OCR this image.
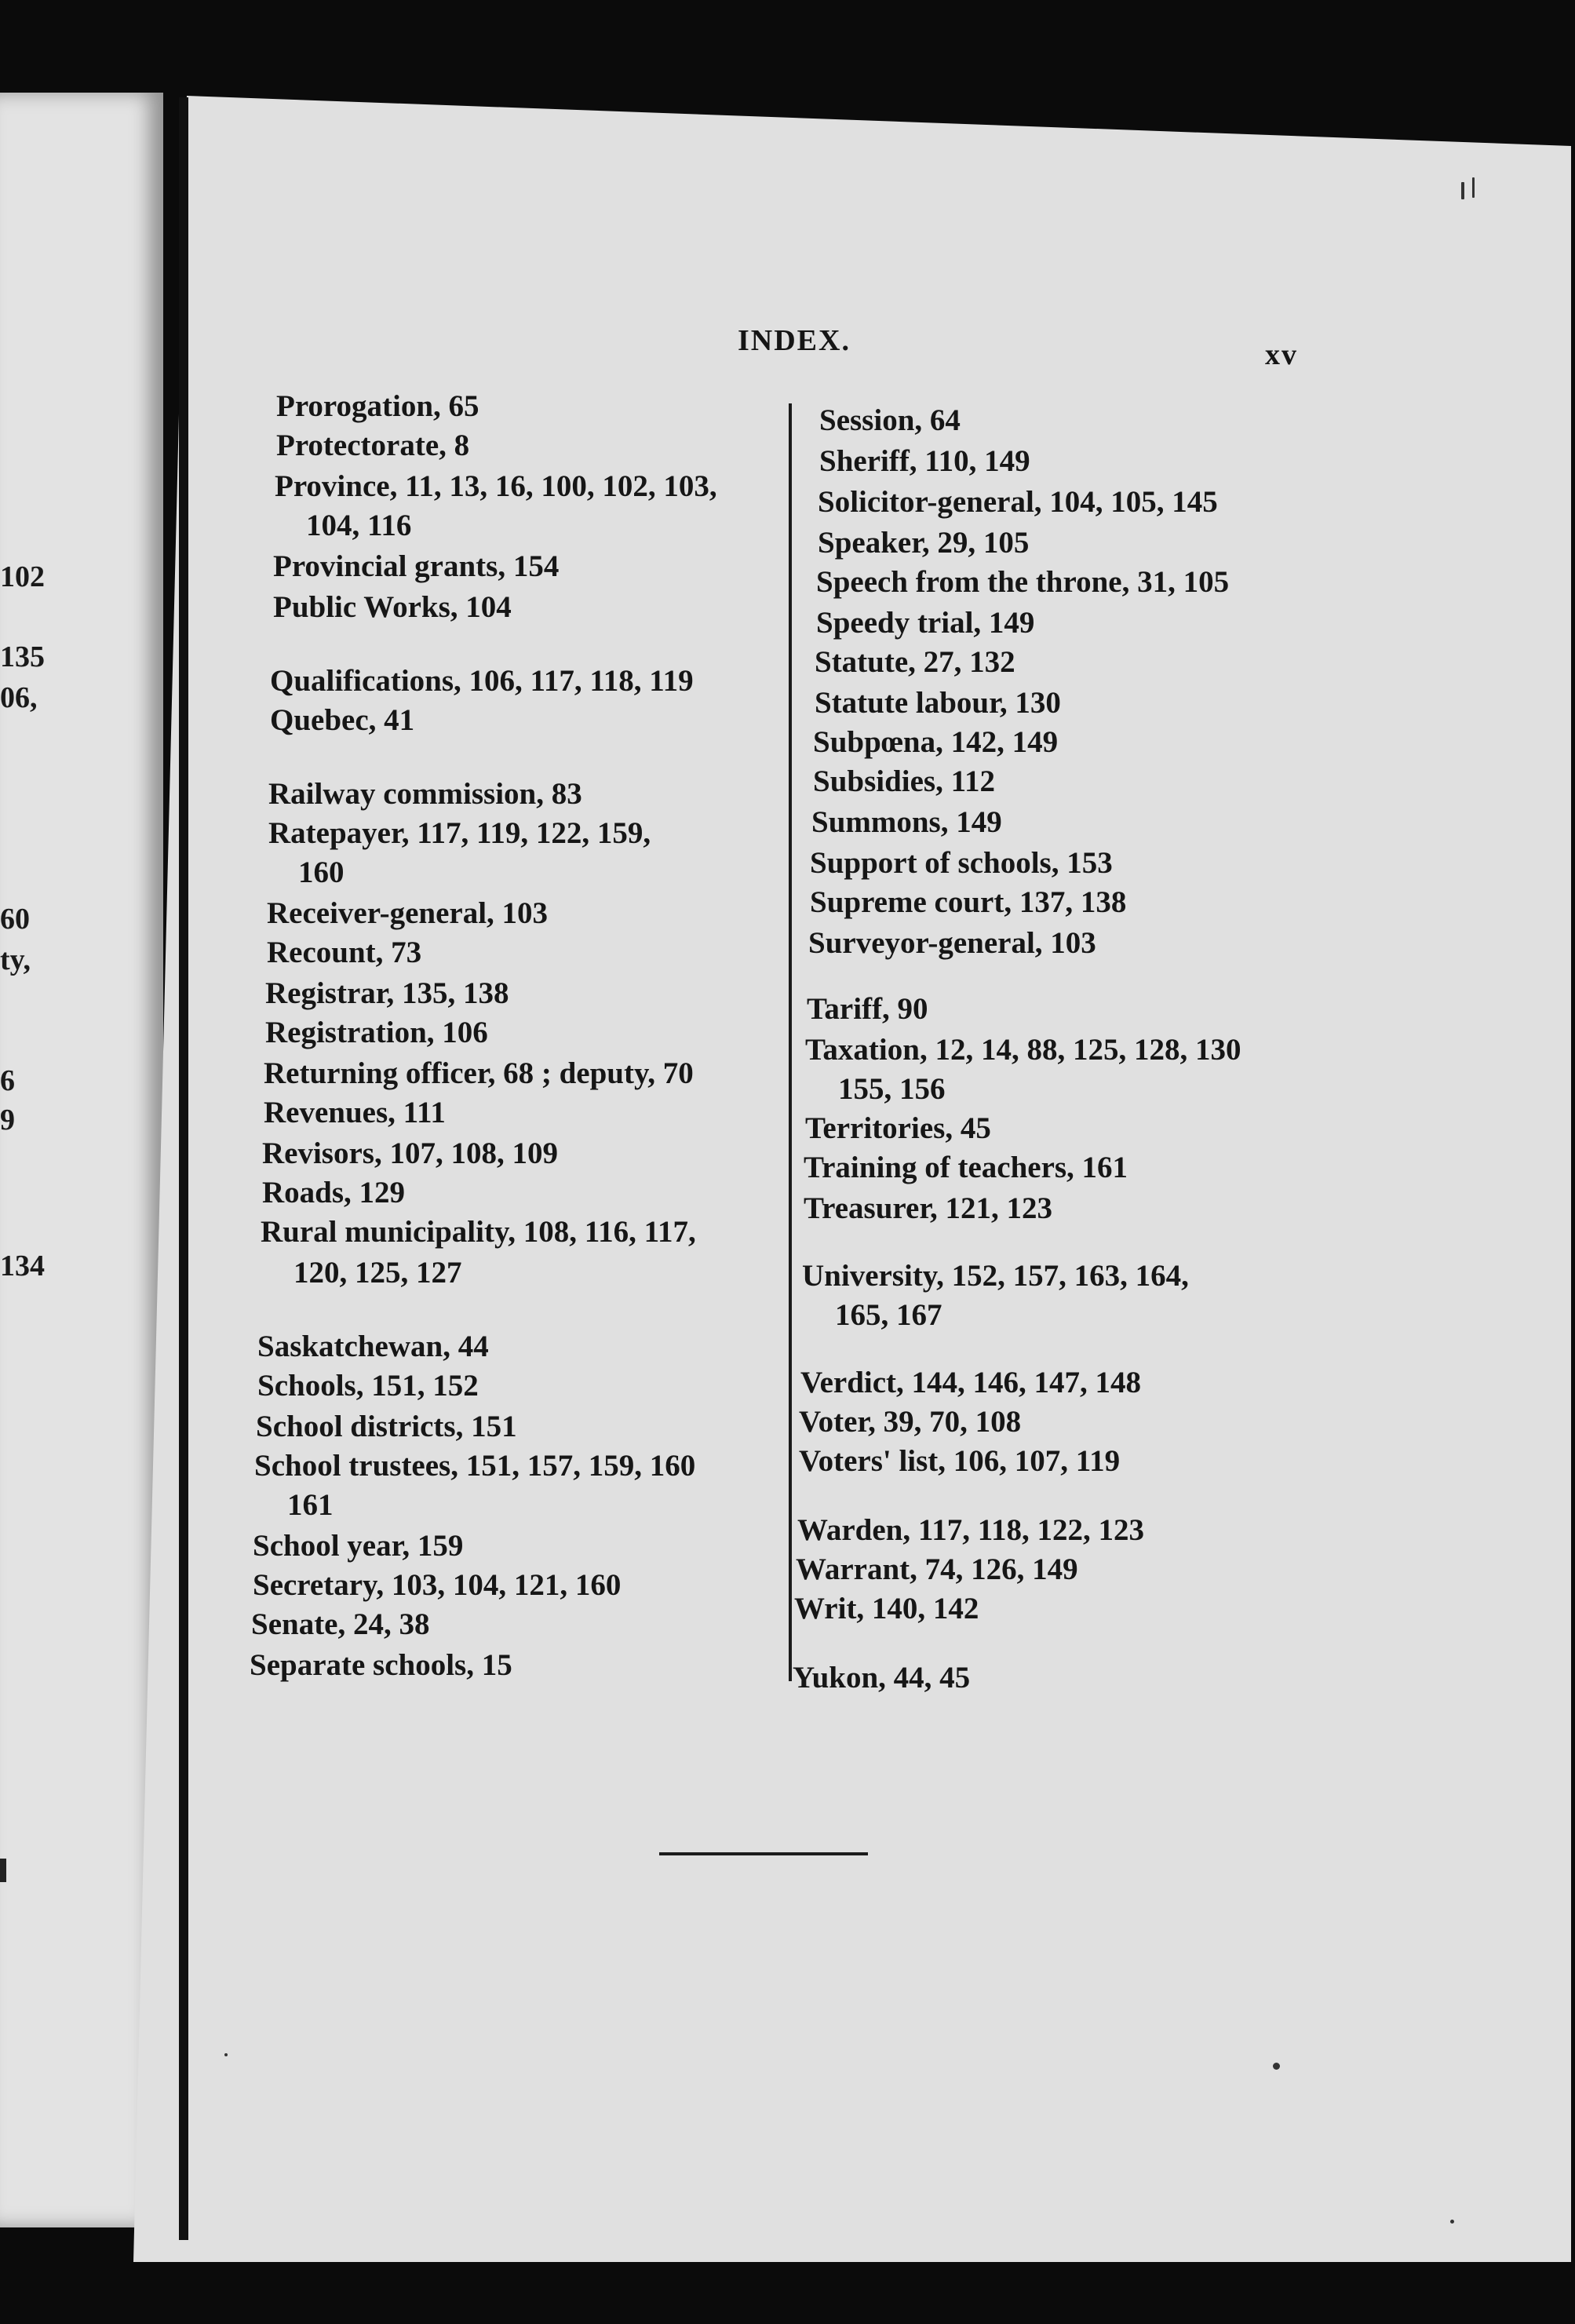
102
135
06,
60
ty,
6
9
134
INDEX.	xv
Prorogation, 65
Protectorate, 8
Province, 11, 13, 16, 100, 102, 103,
104, 116
Provincial grants, 154
Public Works, 104
Qualifications, 106, 117, 118, 119
Quebec, 41
Railway commission, 83
Ratepayer, 117, 119, 122, 159,
160
Receiver-general, 103
Recount, 73
Registrar, 135, 138
Registration, 106
Returning officer, 68 ; deputy, 70
Revenues, 111
Revisors, 107, 108, 109
Roads, 129
Rural municipality, 108, 116, 117,
120, 125, 127
Saskatchewan, 44
Schools, 151, 152
School districts, 151
School trustees, 151, 157, 159, 160
161
School year, 159
Secretary, 103, 104, 121, 160
Senate, 24, 38
Separate schools, 15
Session, 64
Sheriff, 110, 149
Solicitor-general, 104, 105, 145
Speaker, 29, 105
Speech from the throne, 31, 105
Speedy trial, 149
Statute, 27, 132
Statute labour, 130
Subpœna, 142, 149
Subsidies, 112
Summons, 149
Support of schools, 153
Supreme court, 137, 138
Surveyor-general, 103
Tariff, 90
Taxation, 12, 14, 88, 125, 128, 130
155, 156
Territories, 45
Training of teachers, 161
Treasurer, 121, 123
University, 152, 157, 163, 164,
165, 167
Verdict, 144, 146, 147, 148
Voter, 39, 70, 108
Voters' list, 106, 107, 119
Warden, 117, 118, 122, 123
Warrant, 74, 126, 149
Writ, 140, 142
Yukon, 44, 45
